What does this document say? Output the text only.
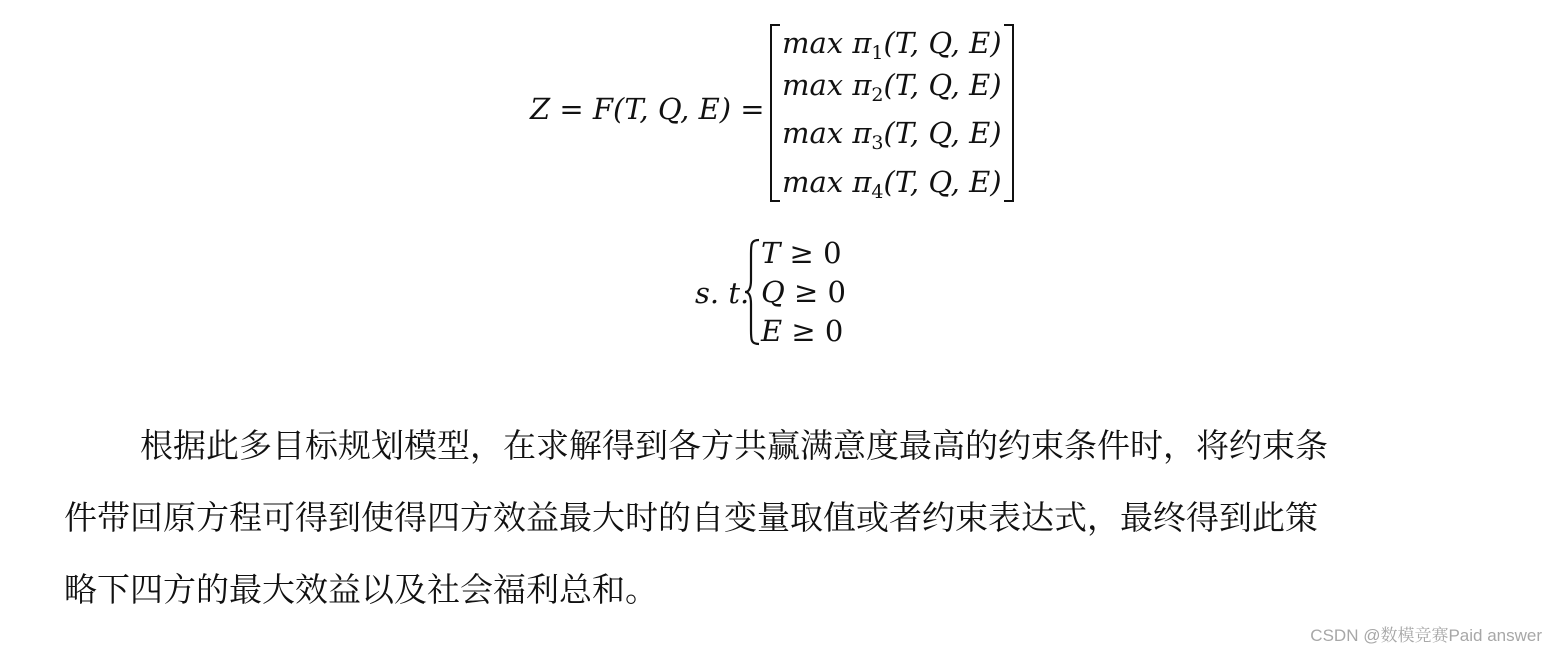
Z = F(T, Q, E) =
$\max \pi_1(T$, Q, E)
$\max \pi_2(T$, Q, E)
$\max \pi_3(T$, Q, E)
$\max \pi_4(T$, Q, E)
s. t.
T ≥ 0
Q ≥ 0
E ≥ 0
根据此多目标规划模型，在求解得到各方共赢满意度最高的约束条件时，将约束条
件带回原方程可得到使得四方效益最大时的自变量取值或者约束表达式，最终得到此策
略下四方的最大效益以及社会福利总和。
CSDN @数模竞赛Paid answer
